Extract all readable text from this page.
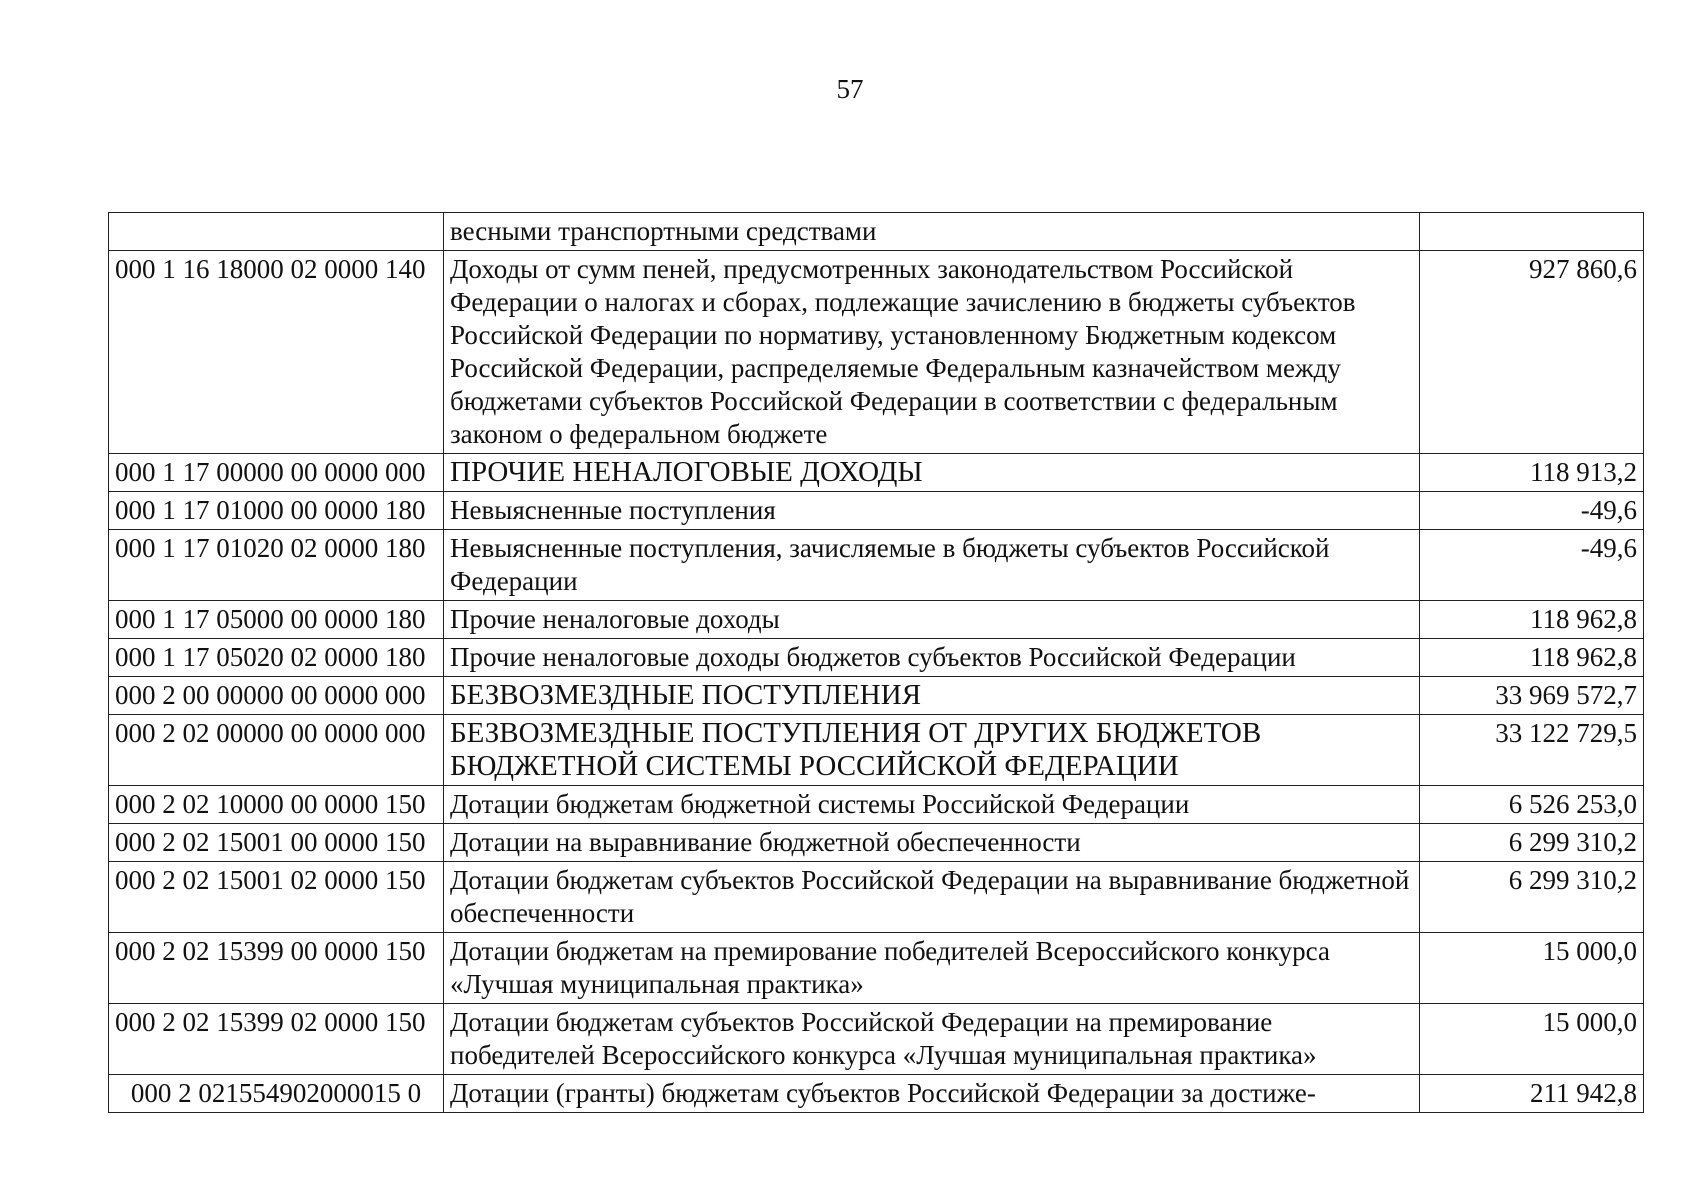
57
	весными транспортными средствами	
000 1 16 18000 02 0000 140	Доходы от сумм пеней, предусмотренных законодательством Российской Федерации о налогах и сборах, подлежащие зачислению в бюджеты субъектов Российской Федерации по нормативу, установленному Бюджетным кодексом Российской Федерации, распределяемые Федеральным казначейством между бюджетами субъектов Российской Федерации в соответствии с федеральным законом о федеральном бюджете	927 860,6
000 1 17 00000 00 0000 000	ПРОЧИЕ НЕНАЛОГОВЫЕ ДОХОДЫ	118 913,2
000 1 17 01000 00 0000 180	Невыясненные поступления	-49,6
000 1 17 01020 02 0000 180	Невыясненные поступления, зачисляемые в бюджеты субъектов Российской Федерации	-49,6
000 1 17 05000 00 0000 180	Прочие неналоговые доходы	118 962,8
000 1 17 05020 02 0000 180	Прочие неналоговые доходы бюджетов субъектов Российской Федерации	118 962,8
000 2 00 00000 00 0000 000	БЕЗВОЗМЕЗДНЫЕ ПОСТУПЛЕНИЯ	33 969 572,7
000 2 02 00000 00 0000 000	БЕЗВОЗМЕЗДНЫЕ ПОСТУПЛЕНИЯ ОТ ДРУГИХ БЮДЖЕТОВ БЮДЖЕТНОЙ СИСТЕМЫ РОССИЙСКОЙ ФЕДЕРАЦИИ	33 122 729,5
000 2 02 10000 00 0000 150	Дотации бюджетам бюджетной системы Российской Федерации	6 526 253,0
000 2 02 15001 00 0000 150	Дотации на выравнивание бюджетной обеспеченности	6 299 310,2
000 2 02 15001 02 0000 150	Дотации бюджетам субъектов Российской Федерации на выравнивание бюджетной обеспеченности	6 299 310,2
000 2 02 15399 00 0000 150	Дотации бюджетам на премирование победителей Всероссийского конкурса «Лучшая муниципальная практика»	15 000,0
000 2 02 15399 02 0000 150	Дотации бюджетам субъектов Российской Федерации на премирование победителей Всероссийского конкурса «Лучшая муниципальная практика»	15 000,0
000 2 021554902000015 0	Дотации (гранты) бюджетам субъектов Российской Федерации за достиже-	211 942,8
